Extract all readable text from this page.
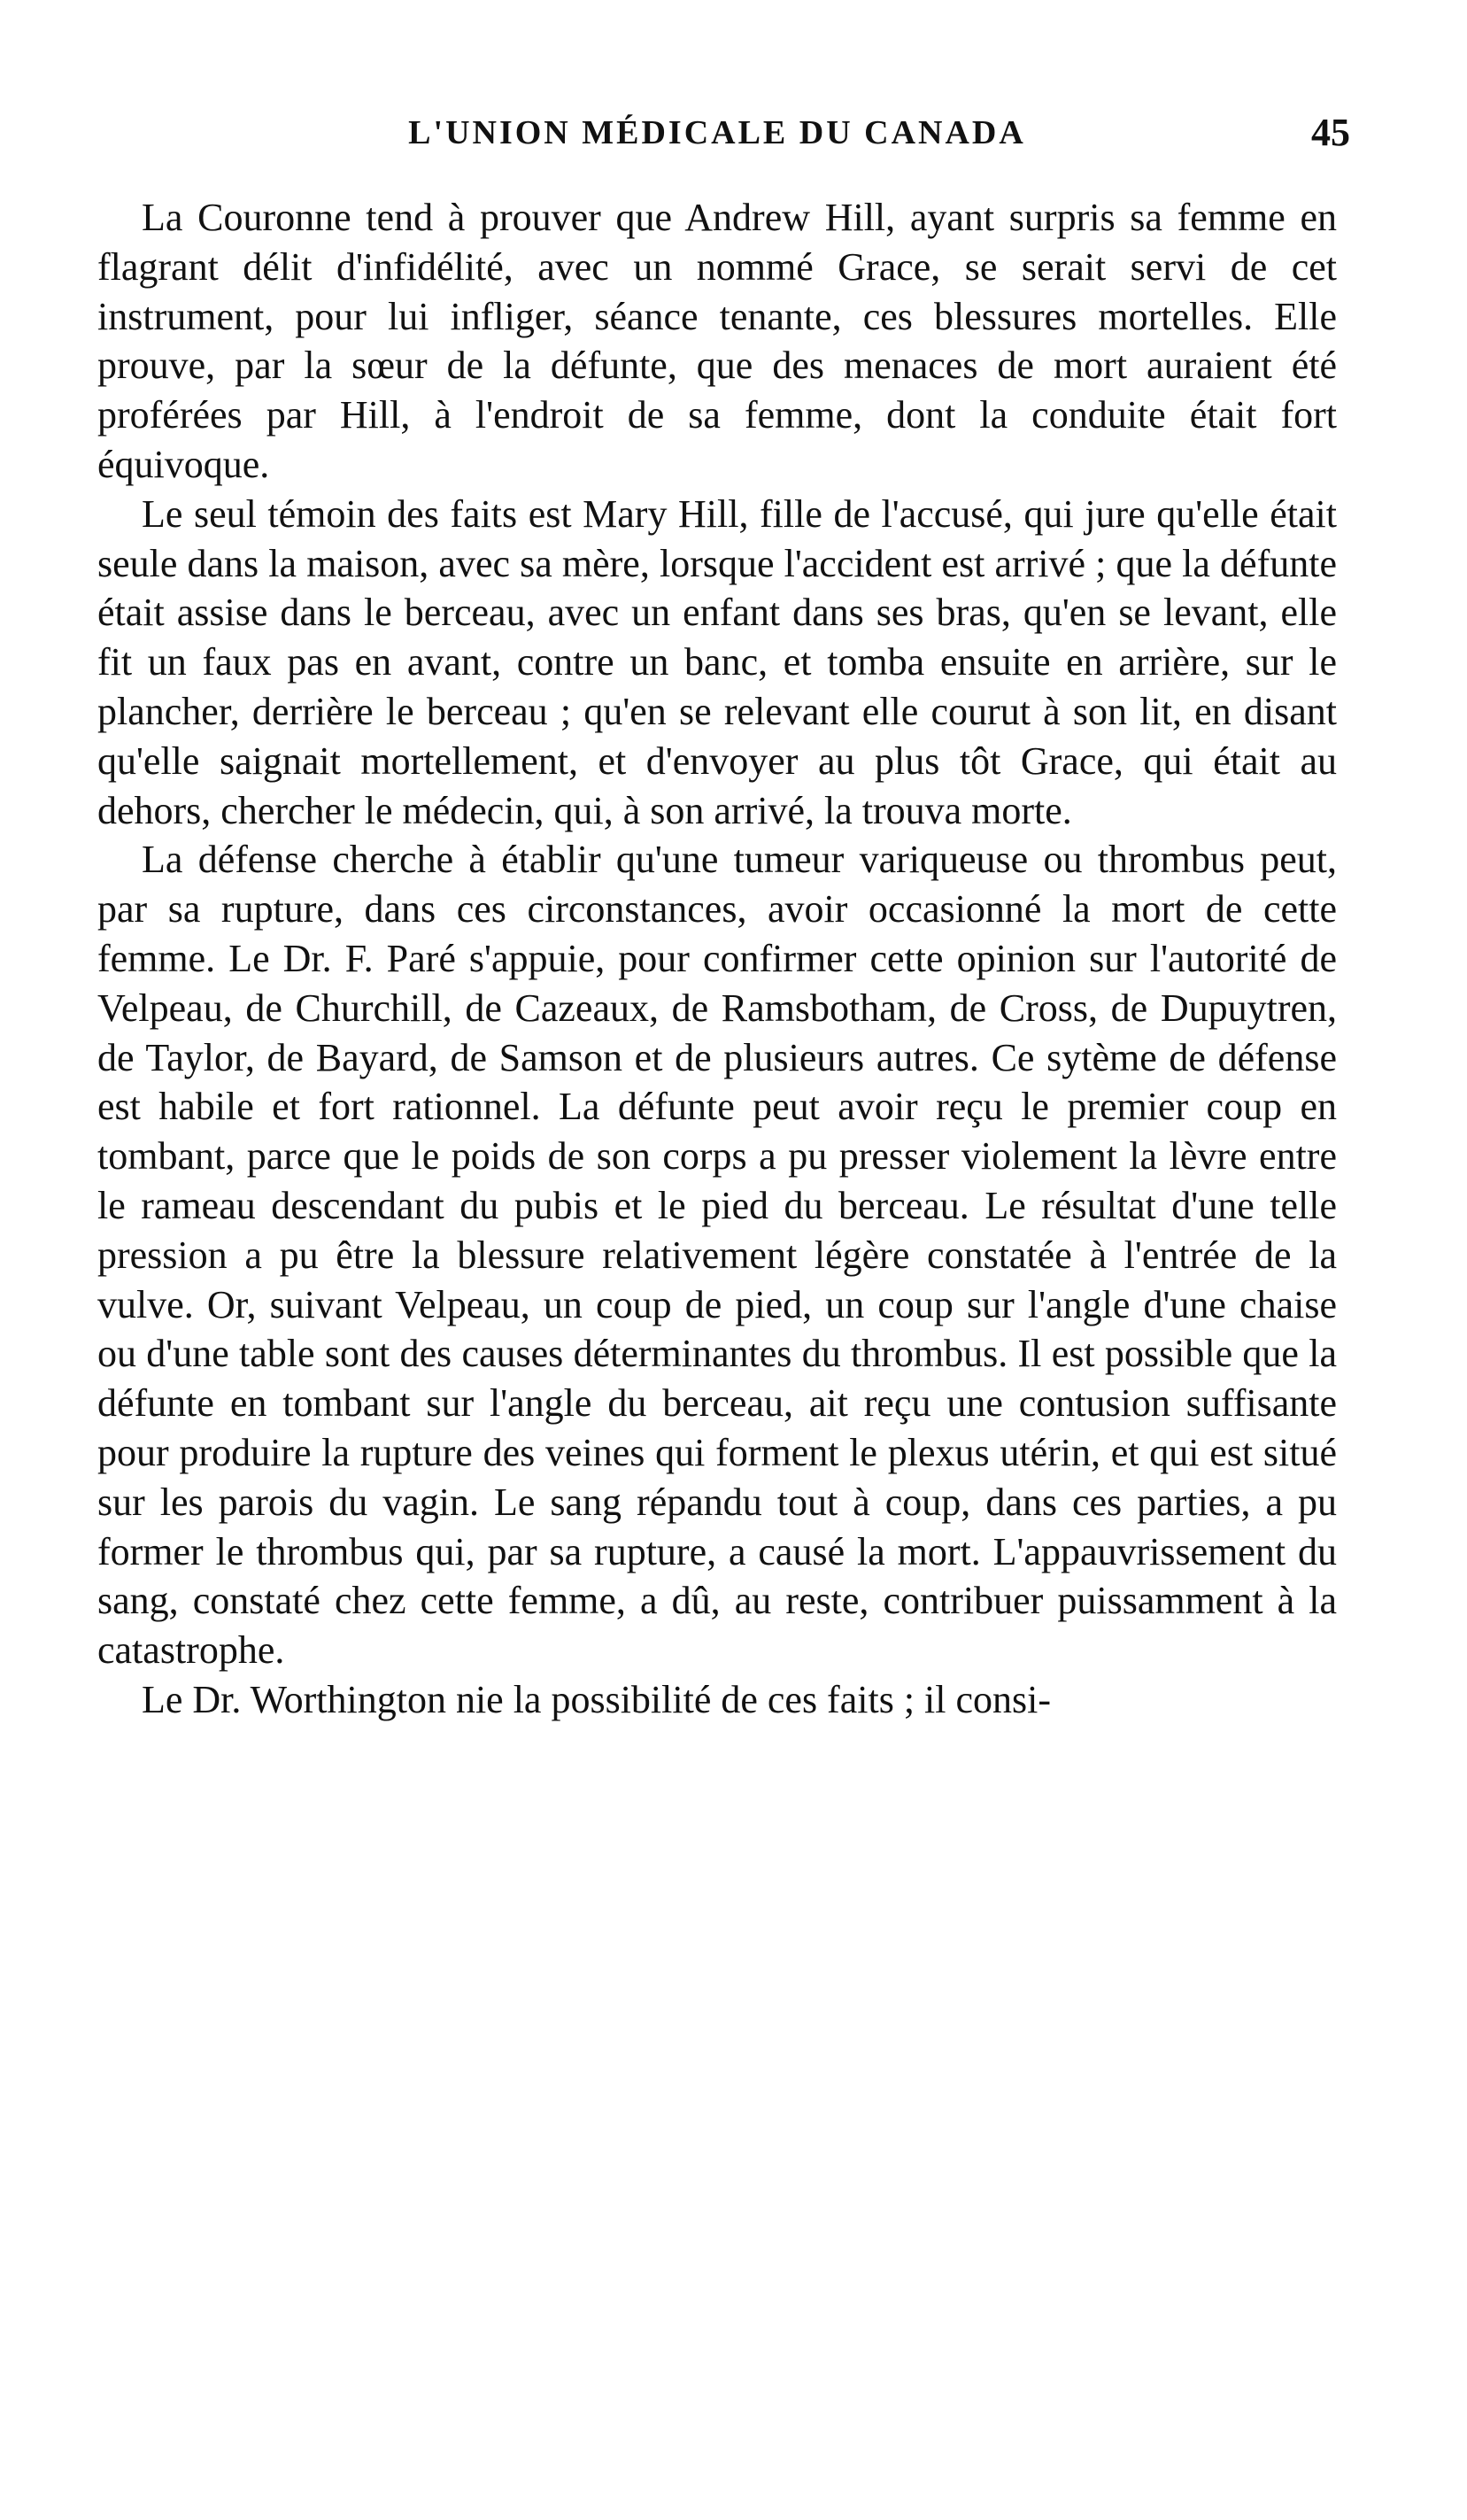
L'UNION MÉDICALE DU CANADA	45

La Couronne tend à prouver que Andrew Hill, ayant surpris sa femme en flagrant délit d'infidélité, avec un nommé Grace, se serait servi de cet instrument, pour lui infliger, séance tenante, ces blessures mortelles. Elle prouve, par la sœur de la défunte, que des menaces de mort auraient été proférées par Hill, à l'endroit de sa femme, dont la conduite était fort équivoque.

Le seul témoin des faits est Mary Hill, fille de l'accusé, qui jure qu'elle était seule dans la maison, avec sa mère, lorsque l'accident est arrivé ; que la défunte était assise dans le berceau, avec un enfant dans ses bras, qu'en se levant, elle fit un faux pas en avant, contre un banc, et tomba ensuite en arrière, sur le plancher, derrière le berceau ; qu'en se relevant elle courut à son lit, en disant qu'elle saignait mortellement, et d'envoyer au plus tôt Grace, qui était au dehors, chercher le médecin, qui, à son arrivé, la trouva morte.

La défense cherche à établir qu'une tumeur variqueuse ou thrombus peut, par sa rupture, dans ces circonstances, avoir occasionné la mort de cette femme. Le Dr. F. Paré s'appuie, pour confirmer cette opinion sur l'autorité de Velpeau, de Churchill, de Cazeaux, de Ramsbotham, de Cross, de Dupuytren, de Taylor, de Bayard, de Samson et de plusieurs autres. Ce sytème de défense est habile et fort rationnel. La défunte peut avoir reçu le premier coup en tombant, parce que le poids de son corps a pu presser violement la lèvre entre le rameau descendant du pubis et le pied du berceau. Le résultat d'une telle pression a pu être la blessure relativement légère constatée à l'entrée de la vulve. Or, suivant Velpeau, un coup de pied, un coup sur l'angle d'une chaise ou d'une table sont des causes déterminantes du thrombus. Il est possible que la défunte en tombant sur l'angle du berceau, ait reçu une contusion suffisante pour produire la rupture des veines qui forment le plexus utérin, et qui est situé sur les parois du vagin. Le sang répandu tout à coup, dans ces parties, a pu former le thrombus qui, par sa rupture, a causé la mort. L'appauvrissement du sang, constaté chez cette femme, a dû, au reste, contribuer puissamment à la catastrophe.

Le Dr. Worthington nie la possibilité de ces faits ; il consi-
